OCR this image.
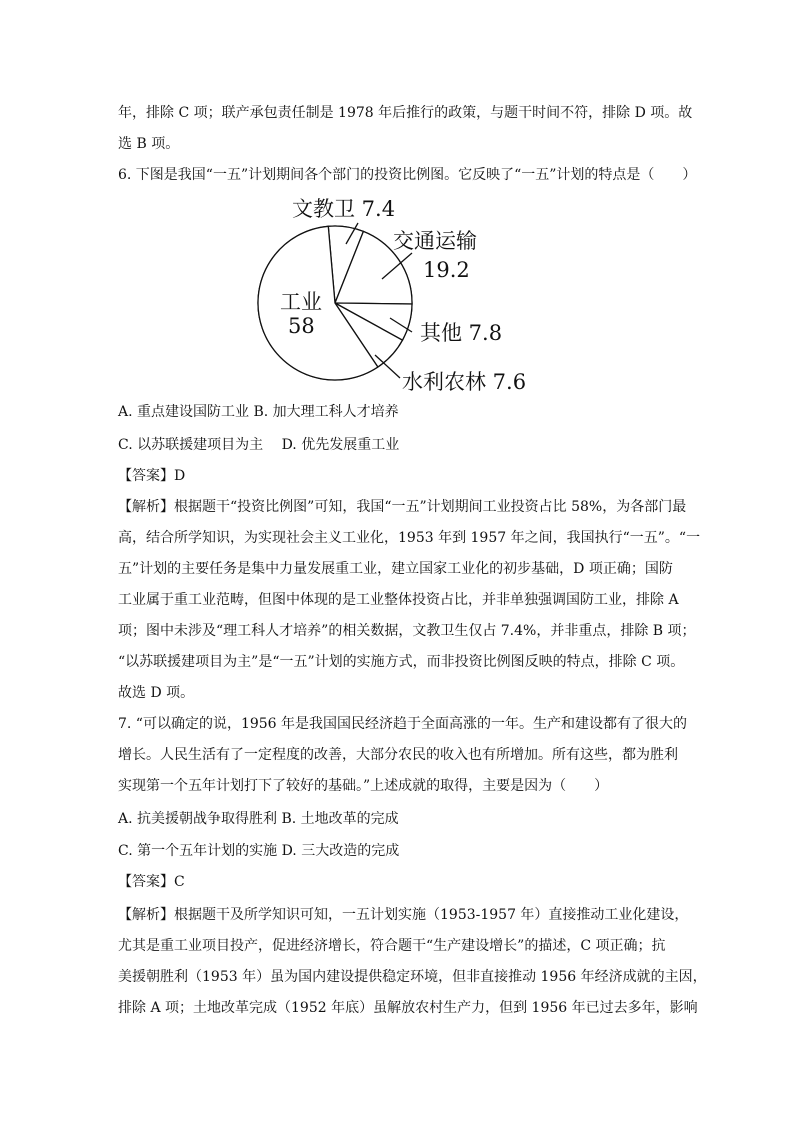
年，排除 C 项；联产承包责任制是 1978 年后推行的政策，与题干时间不符，排除 D 项。故
选 B 项。
6. 下图是我国“一五”计划期间各个部门的投资比例图。它反映了“一五”计划的特点是（　　）
文教卫 7.4
交通运输
19.2
其他 7.8
水利农林 7.6
工业
58
A. 重点建设国防工业 B. 加大理工科人才培养
C. 以苏联援建项目为主　 D. 优先发展重工业
【答案】D
【解析】根据题干“投资比例图”可知，我国“一五”计划期间工业投资占比 58%，为各部门最
高，结合所学知识，为实现社会主义工业化，1953 年到 1957 年之间，我国执行“一五”。“一
五”计划的主要任务是集中力量发展重工业，建立国家工业化的初步基础，D 项正确；国防
工业属于重工业范畴，但图中体现的是工业整体投资占比，并非单独强调国防工业，排除 A
项；图中未涉及“理工科人才培养”的相关数据，文教卫生仅占 7.4%，并非重点，排除 B 项；
“以苏联援建项目为主”是“一五”计划的实施方式，而非投资比例图反映的特点，排除 C 项。
故选 D 项。
7. “可以确定的说，1956 年是我国国民经济趋于全面高涨的一年。生产和建设都有了很大的
增长。人民生活有了一定程度的改善，大部分农民的收入也有所增加。所有这些，都为胜利
实现第一个五年计划打下了较好的基础。”上述成就的取得，主要是因为（　　）
A. 抗美援朝战争取得胜利 B. 土地改革的完成
C. 第一个五年计划的实施 D. 三大改造的完成
【答案】C
【解析】根据题干及所学知识可知，一五计划实施（1953-1957 年）直接推动工业化建设，
尤其是重工业项目投产，促进经济增长，符合题干“生产建设增长”的描述，C 项正确；抗
美援朝胜利（1953 年）虽为国内建设提供稳定环境，但非直接推动 1956 年经济成就的主因，
排除 A 项；土地改革完成（1952 年底）虽解放农村生产力，但到 1956 年已过去多年，影响
